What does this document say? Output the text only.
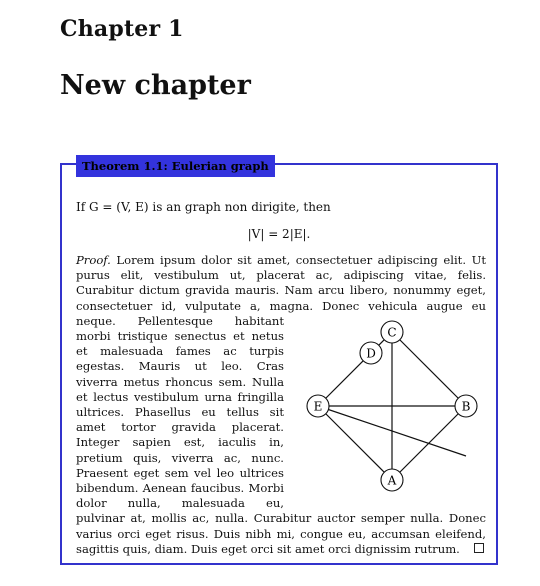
Chapter 1
New chapter
Theorem 1.1: Eulerian graph
If G = (V, E) is an graph non dirigite, then
|V| = 2|E|.
Proof. Lorem ipsum dolor sit amet, consectetuer adipiscing elit. Ut purus elit, vestibulum ut, placerat ac, adipiscing vitae, felis. Curabitur dictum gravida mauris. Nam arcu libero, nonummy eget, consectetuer id, vulputate a, magna.
C
D
E	B
A
Donec vehicula augue eu neque. Pellentesque habitant morbi tristique senectus et netus et malesuada fames ac turpis egestas. Mauris ut leo. Cras viverra metus rhoncus sem. Nulla et lectus vestibulum urna fringilla ultrices. Phasellus eu tellus sit amet tortor gravida placerat. Integer sapien est, iaculis in, pretium quis, viverra ac, nunc. Praesent eget sem vel leo ultrices bibendum. Aenean faucibus. Morbi dolor nulla, malesuada eu, pulvinar at, mollis ac, nulla. Curabitur auctor semper nulla. Donec varius orci eget risus. Duis nibh mi, congue eu, accumsan eleifend, sagittis quis, diam. Duis eget orci sit amet orci dignissim rutrum.
